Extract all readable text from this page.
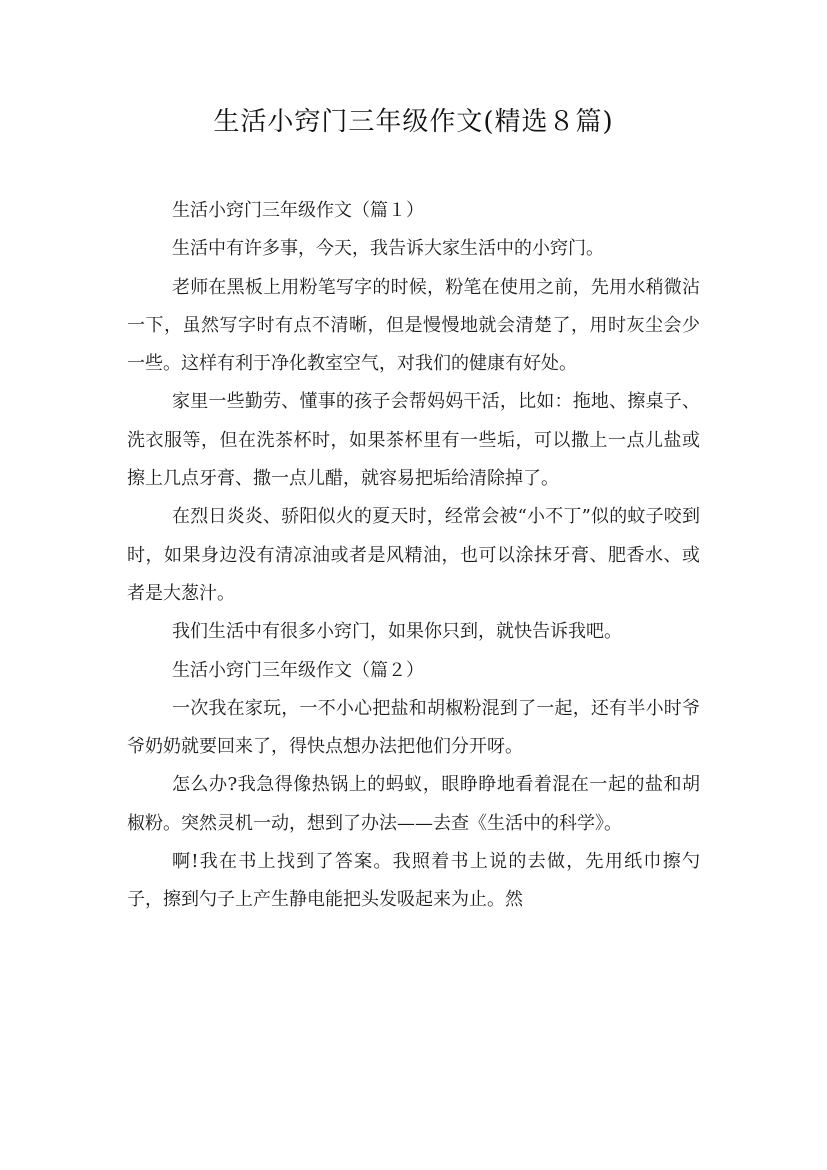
生活小窍门三年级作文(精选８篇)

生活小窍门三年级作文（篇１）

生活中有许多事，今天，我告诉大家生活中的小窍门。

老师在黑板上用粉笔写字的时候，粉笔在使用之前，先用水稍微沾一下，虽然写字时有点不清晰，但是慢慢地就会清楚了，用时灰尘会少一些。这样有利于净化教室空气，对我们的健康有好处。

家里一些勤劳、懂事的孩子会帮妈妈干活，比如：拖地、擦桌子、洗衣服等，但在洗茶杯时，如果茶杯里有一些垢，可以撒上一点儿盐或擦上几点牙膏、撒一点儿醋，就容易把垢给清除掉了。

在烈日炎炎、骄阳似火的夏天时，经常会被“小不丁”似的蚊子咬到时，如果身边没有清凉油或者是风精油，也可以涂抹牙膏、肥香水、或者是大葱汁。

我们生活中有很多小窍门，如果你只到，就快告诉我吧。

生活小窍门三年级作文（篇２）

一次我在家玩，一不小心把盐和胡椒粉混到了一起，还有半小时爷爷奶奶就要回来了，得快点想办法把他们分开呀。

怎么办?我急得像热锅上的蚂蚁，眼睁睁地看着混在一起的盐和胡椒粉。突然灵机一动，想到了办法——去查《生活中的科学》。

啊!我在书上找到了答案。我照着书上说的去做，先用纸巾擦勺子，擦到勺子上产生静电能把头发吸起来为止。然
